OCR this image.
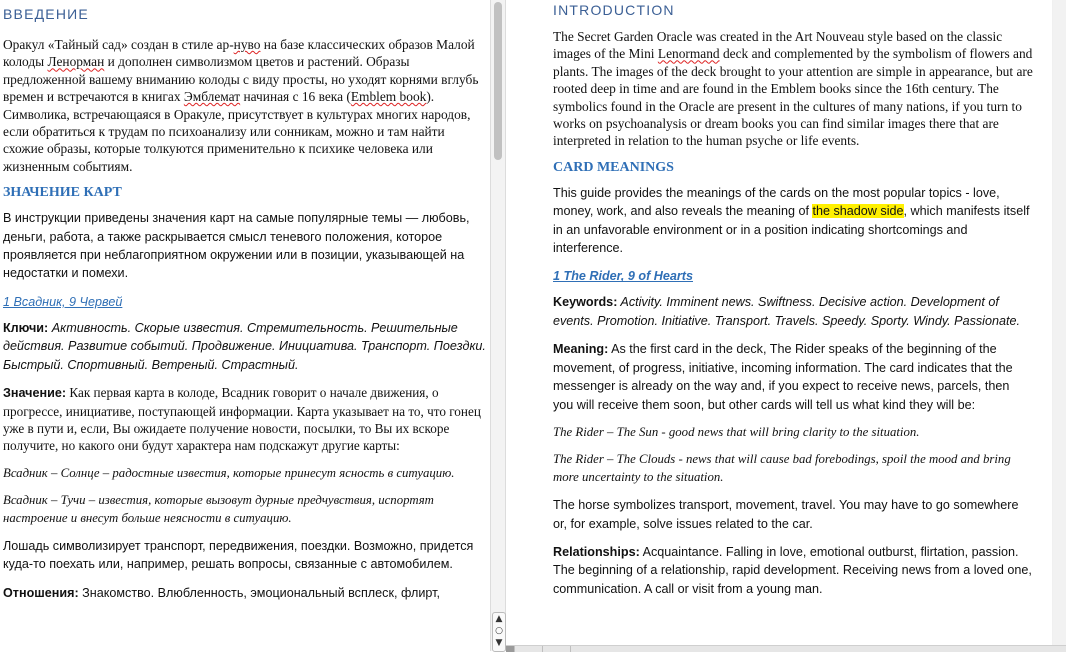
ВВЕДЕНИЕ

Оракул «Тайный сад» создан в стиле ар-нуво на базе классических образов Малой колоды Ленорман и дополнен символизмом цветов и растений. Образы предложенной вашему вниманию колоды с виду просты, но уходят корнями вглубь времен и встречаются в книгах Эмблемат начиная с 16 века (Emblem book). Символика, встречающаяся в Оракуле, присутствует в культурах многих народов, если обратиться к трудам по психоанализу или сонникам, можно и там найти схожие образы, которые толкуются применительно к психике человека или жизненным событиям.

ЗНАЧЕНИЕ КАРТ

В инструкции приведены значения карт на самые популярные темы — любовь, деньги, работа, а также раскрывается смысл теневого положения, которое проявляется при неблагоприятном окружении или в позиции, указывающей на недостатки и помехи.

1 Всадник, 9 Червей

Ключи: Активность. Скорые известия. Стремительность. Решительные действия. Развитие событий. Продвижение. Инициатива. Транспорт. Поездки. Быстрый. Спортивный. Ветреный. Страстный.

Значение: Как первая карта в колоде, Всадник говорит о начале движения, о прогрессе, инициативе, поступающей информации. Карта указывает на то, что гонец уже в пути и, если, Вы ожидаете получение новости, посылки, то Вы их вскоре получите, но какого они будут характера нам подскажут другие карты:

Всадник – Солнце – радостные известия, которые принесут ясность в ситуацию.

Всадник – Тучи – известия, которые вызовут дурные предчувствия, испортят настроение и внесут больше неясности в ситуацию.

Лошадь символизирует транспорт, передвижения, поездки. Возможно, придется куда-то поехать или, например, решать вопросы, связанные с автомобилем.

Отношения: Знакомство. Влюбленность, эмоциональный всплеск, флирт,

▲
○
▼
INTRODUCTION

The Secret Garden Oracle was created in the Art Nouveau style based on the classic images of the Mini Lenormand deck and complemented by the symbolism of flowers and plants. The images of the deck brought to your attention are simple in appearance, but are rooted deep in time and are found in the Emblem books since the 16th century. The symbolics found in the Oracle are present in the cultures of many nations, if you turn to works on psychoanalysis or dream books you can find similar images there that are interpreted in relation to the human psyche or life events.

CARD MEANINGS

This guide provides the meanings of the cards on the most popular topics - love, money, work, and also reveals the meaning of the shadow side, which manifests itself in an unfavorable environment or in a position indicating shortcomings and interference.

1 The Rider, 9 of Hearts

Keywords: Activity. Imminent news. Swiftness. Decisive action. Development of events. Promotion. Initiative. Transport. Travels. Speedy. Sporty. Windy. Passionate.

Meaning: As the first card in the deck, The Rider speaks of the beginning of the movement, of progress, initiative, incoming information. The card indicates that the messenger is already on the way and, if you expect to receive news, parcels, then you will receive them soon, but other cards will tell us what kind they will be:

The Rider – The Sun - good news that will bring clarity to the situation.

The Rider – The Clouds - news that will cause bad forebodings, spoil the mood and bring more uncertainty to the situation.

The horse symbolizes transport, movement, travel. You may have to go somewhere or, for example, solve issues related to the car.

Relationships: Acquaintance. Falling in love, emotional outburst, flirtation, passion. The beginning of a relationship, rapid development. Receiving news from a loved one, communication. A call or visit from a young man.
